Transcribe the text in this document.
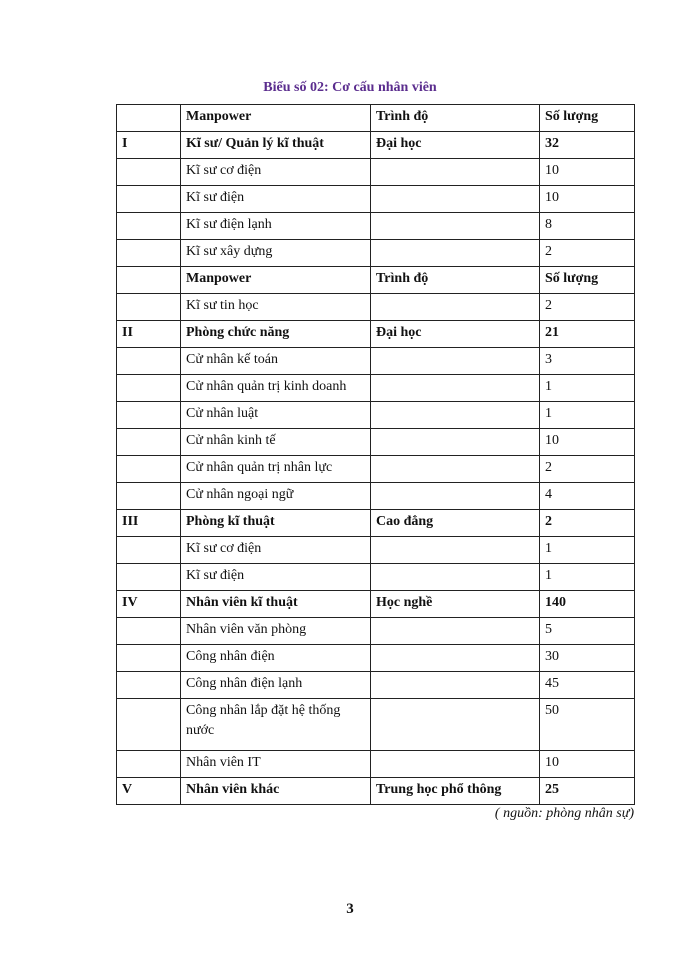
Biểu số 02: Cơ cấu nhân viên
	Manpower	Trình độ	Số lượng
I	Kĩ sư/ Quản lý kĩ thuật	Đại học	32
	Kĩ sư cơ điện		10
	Kĩ sư điện		10
	Kĩ sư điện lạnh		8
	Kĩ sư xây dựng		2
	Manpower	Trình độ	Số lượng
	Kĩ sư tin học		2
II	Phòng chức năng	Đại học	21
	Cử nhân kế toán		3
	Cử nhân quản trị kinh doanh		1
	Cử nhân luật		1
	Cử nhân kinh tế		10
	Cử nhân quản trị nhân lực		2
	Cử nhân ngoại ngữ		4
III	Phòng kĩ thuật	Cao đẳng	2
	Kĩ sư cơ điện		1
	Kĩ sư điện		1
IV	Nhân viên kĩ thuật	Học nghề	140
	Nhân viên văn phòng		5
	Công nhân điện		30
	Công nhân điện lạnh		45
	Công nhân lắp đặt hệ thống nước		50
	Nhân viên IT		10
V	Nhân viên khác	Trung học phổ thông	25
( nguồn: phòng nhân sự)
3
